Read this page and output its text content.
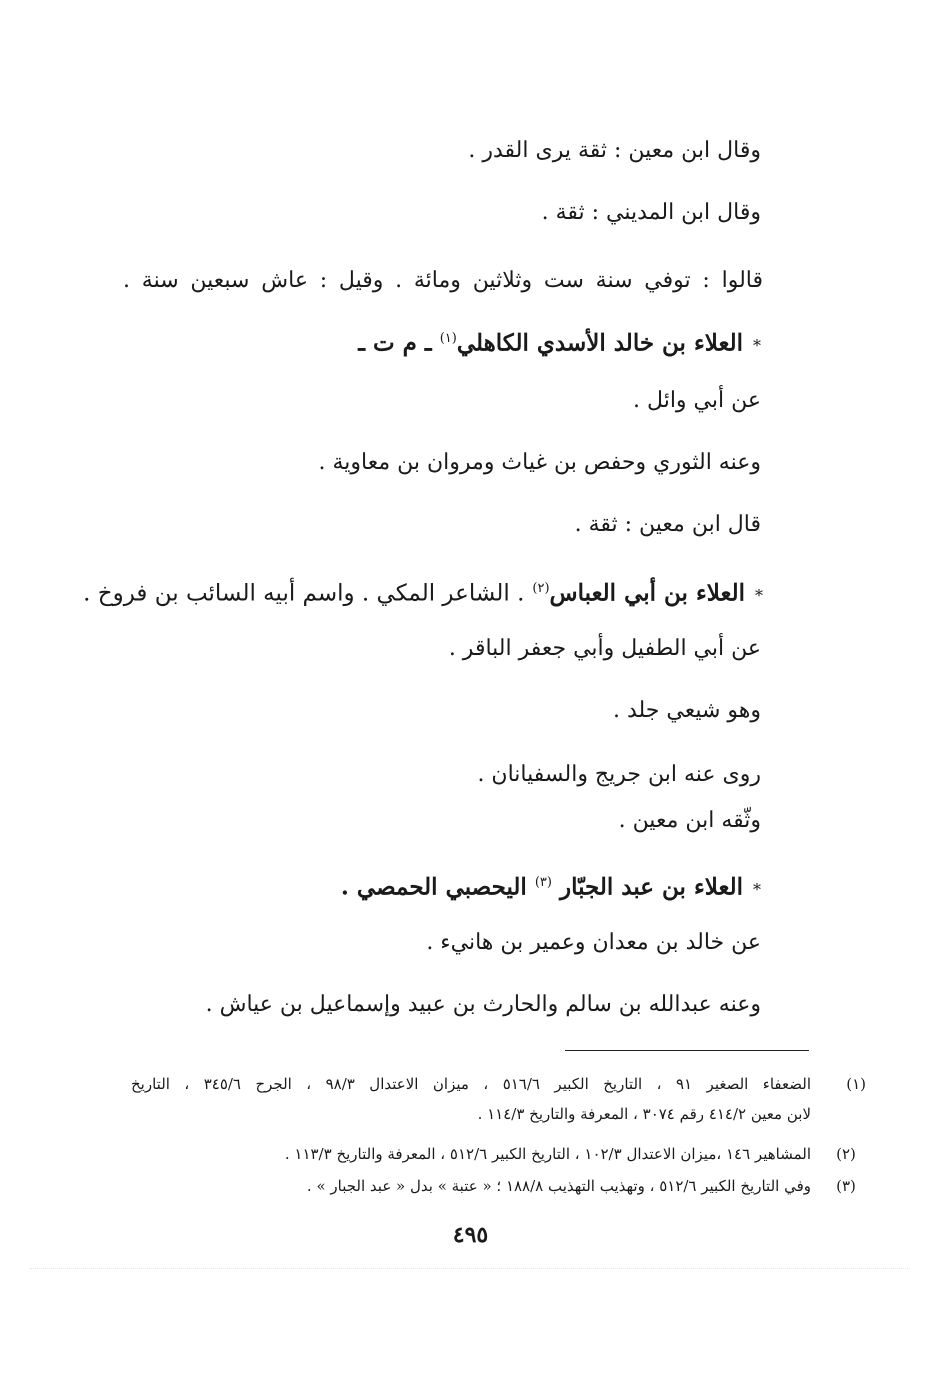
وقال ابن معين : ثقة يرى القدر .
وقال ابن المديني : ثقة .
قالوا : توفي سنة ست وثلاثين ومائة . وقيل : عاش سبعين سنة .
*العلاء بن خالد الأسدي الكاهلي$^{(١)}$ ـ م ت ـ
عن أبي وائل .
وعنه الثوري وحفص بن غياث ومروان بن معاوية .
قال ابن معين : ثقة .
*العلاء بن أبي العباس$^{(٢)}$ . الشاعر المكي . واسم أبيه السائب بن فروخ .
عن أبي الطفيل وأبي جعفر الباقر .
وهو شيعي جلد .
روى عنه ابن جريج والسفيانان .
وثّقه ابن معين .
*العلاء بن عبد الجبّار $^{(٣)}$ اليحصبي الحمصي .
عن خالد بن معدان وعمير بن هانيء .
وعنه عبدالله بن سالم والحارث بن عبيد وإسماعيل بن عياش .
(١)
الضعفاء الصغير ٩١ ، التاريخ الكبير ٥١٦/٦ ، ميزان الاعتدال ٩٨/٣ ، الجرح ٣٤٥/٦ ، التاريخ
لابن معين ٤١٤/٢ رقم ٣٠٧٤ ، المعرفة والتاريخ ١١٤/٣ .
(٢)
المشاهير ١٤٦ ،ميزان الاعتدال ١٠٢/٣ ، التاريخ الكبير ٥١٢/٦ ، المعرفة والتاريخ ١١٣/٣ .
(٣)
وفي التاريخ الكبير ٥١٢/٦ ، وتهذيب التهذيب ١٨٨/٨ ؛ « عتبة » بدل « عبد الجبار » .
٤٩٥
